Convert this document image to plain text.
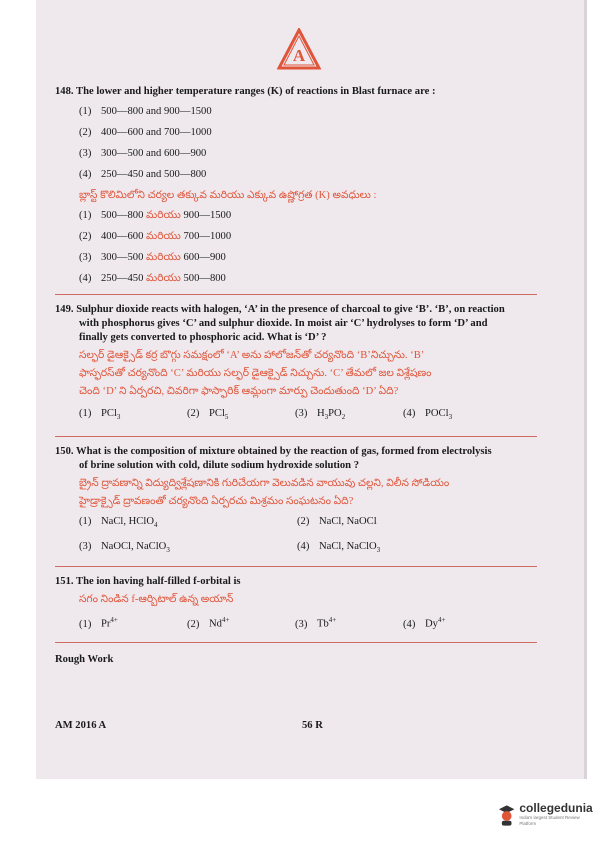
A

148. The lower and higher temperature ranges (K) of reactions in Blast furnace are :

(1) 500—800 and 900—1500
(2) 400—600 and 700—1000
(3) 300—500 and 600—900
(4) 250—450 and 500—800
బ్లాస్ట్ కొలిమిలోని చర్యల తక్కువ మరియు ఎక్కువ ఉష్ణోగ్రత (K) అవధులు :
(1) 500—800 మరియు 900—1500
(2) 400—600 మరియు 700—1000
(3) 300—500 మరియు 600—900
(4) 250—450 మరియు 500—800

149. Sulphur dioxide reacts with halogen, ‘A’ in the presence of charcoal to give ‘B’. ‘B’, on reaction

with phosphorus gives ‘C’ and sulphur dioxide. In moist air ‘C’ hydrolyses to form ‘D’ and

finally gets converted to phosphoric acid. What is ‘D’ ?

సల్ఫర్ డైఆక్సైడ్ కర్ర బొగ్గు సమక్షంలో ‘A’ అను హాలోజన్‌తో చర్యనొంది ‘B’నిచ్చును. ‘B’
ఫాస్ఫరస్‌తో చర్యనొంది ‘C’ మరియు సల్ఫర్ డైఆక్సైడ్ నిచ్చును. ‘C’ తేమలో జల విశ్లేషణం
చెంది ‘D’ ని ఏర్పరచి, చివరిగా ఫాస్ఫారిక్ ఆమ్లంగా మార్పు చెందుతుంది ‘D’ ఏది?
(1) PCl$_3$	(2) PCl$_5$	(3) $H_3PO_2$	(4) POCl$_3$

150. What is the composition of mixture obtained by the reaction of gas, formed from electrolysis

of brine solution with cold, dilute sodium hydroxide solution ?

బ్రైన్ ద్రావణాన్ని విద్యుద్విశ్లేషణానికి గురిచేయగా వెలువడిన వాయువు చల్లని, విలీన సోడియం
హైడ్రాక్సైడ్ ద్రావణంతో చర్యనొంది ఏర్పరచు మిశ్రమం సంఘటనం ఏది?
(1) NaCl, HClO$_4$	(2) NaCl, NaOCl
(3) NaOCl, NaClO$_3$	(4) NaCl, NaClO$_3$

151. The ion having half-filled f-orbital is

సగం నిండిన f-ఆర్బిటాల్ ఉన్న అయాన్
(1) $Pr^{4+}$	(2) $Nd^{4+}$	(3) $Tb^{4+}$	(4) $Dy^{4+}$
Rough Work
AM 2016 A	56 R
collegedunia
India's largest Student Review Platform
